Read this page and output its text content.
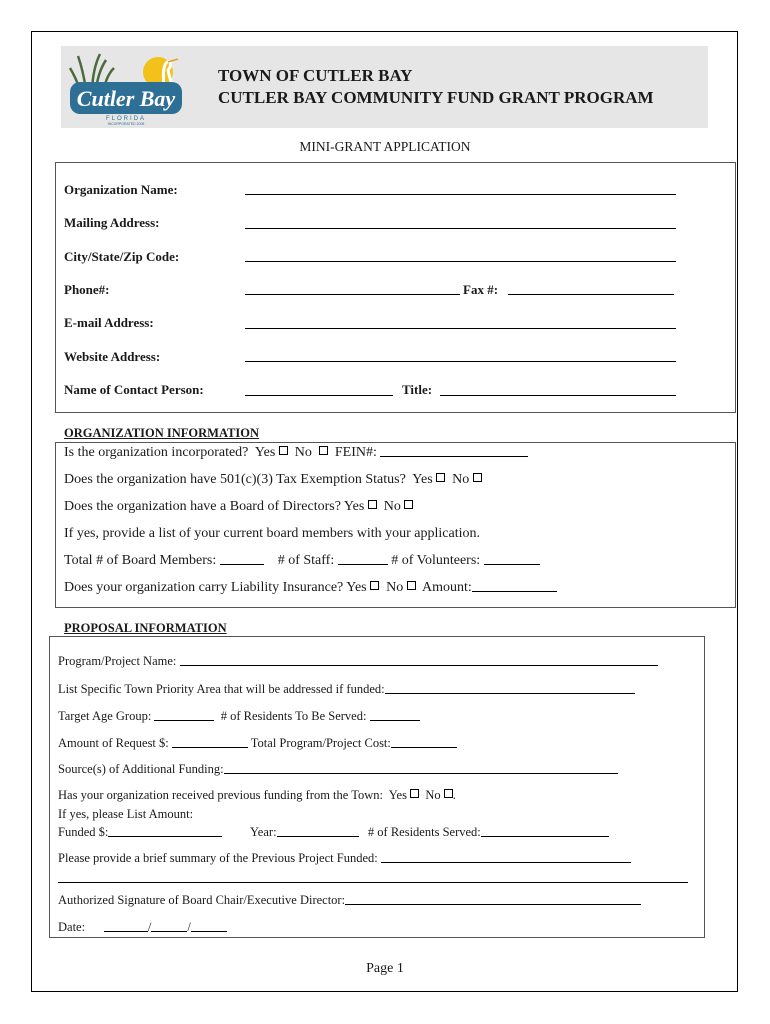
Cutler Bay
FLORIDA
INCORPORATED 2005
TOWN OF CUTLER BAY
CUTLER BAY COMMUNITY FUND GRANT PROGRAM
MINI-GRANT APPLICATION
Organization Name:
Mailing Address:
City/State/Zip Code:
Phone#:	Fax #:
E-mail Address:
Website Address:
Name of Contact Person:	Title:
ORGANIZATION INFORMATION
Is the organization incorporated? Yes No FEIN#:
Does the organization have 501(c)(3) Tax Exemption Status? Yes No
Does the organization have a Board of Directors? Yes No
If yes, provide a list of your current board members with your application.
Total # of Board Members:	# of Staff:	# of Volunteers:
Does your organization carry Liability Insurance? Yes No Amount:
PROPOSAL INFORMATION
Program/Project Name:
List Specific Town Priority Area that will be addressed if funded:
Target Age Group:	# of Residents To Be Served:
Amount of Request $:	Total Program/Project Cost:
Source(s) of Additional Funding:
Has your organization received previous funding from the Town: Yes No .
If yes, please List Amount:
Funded $:	Year:	# of Residents Served:
Please provide a brief summary of the Previous Project Funded:
Authorized Signature of Board Chair/Executive Director:
Date:	/	/
Page 1
